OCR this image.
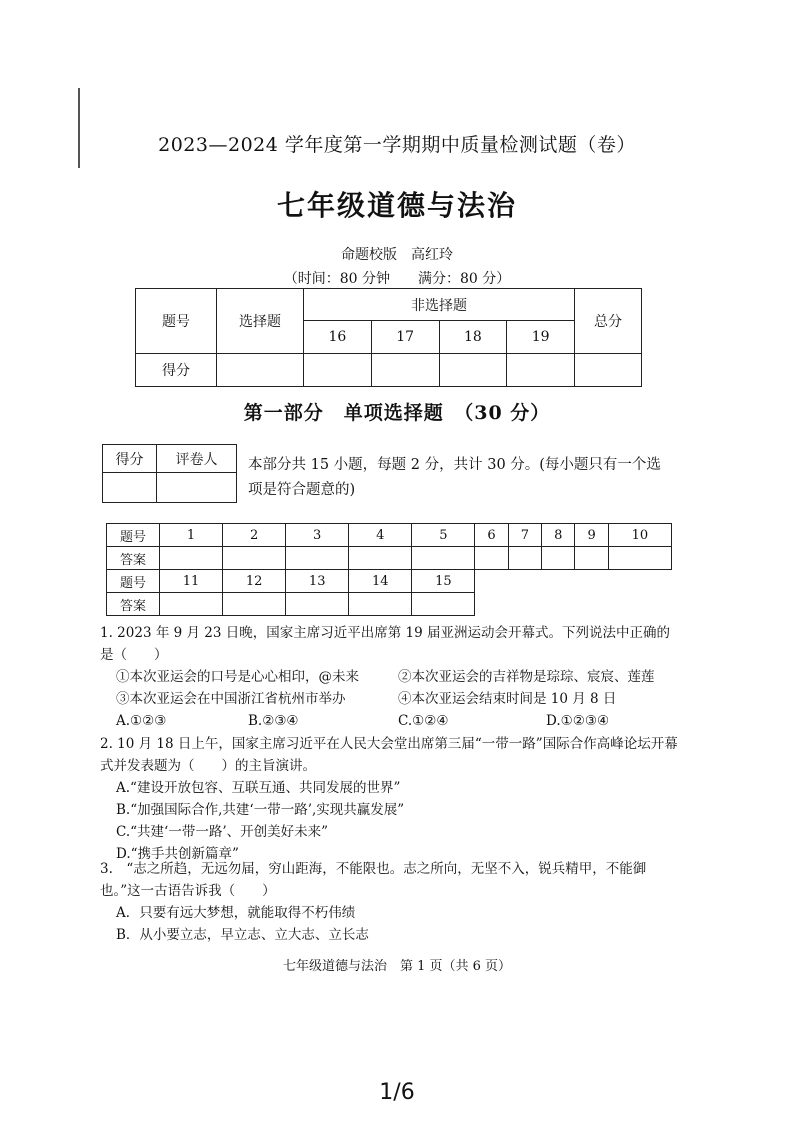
2023—2024 学年度第一学期期中质量检测试题（卷）
七年级道德与法治
命题校版　高红玲
（时间：80 分钟　　满分：80 分）
题号	选择题	非选择题				总分
		16	17	18	19	
得分						
第一部分　单项选择题　（30 分）
得分	评卷人
	本部分共 15 小题，每题 2 分，共计 30 分。(每小题只有一个选项是符合题意的)
题号	1	2	3	4	5	6	7	8	9	10
答案										
题号	11	12	13	14	15					
答案										
1. 2023 年 9 月 23 日晚，国家主席习近平出席第 19 届亚洲运动会开幕式。下列说法中正确的是（　　）
①本次亚运会的口号是心心相印，@未来	②本次亚运会的吉祥物是琮琮、宸宸、莲莲
③本次亚运会在中国浙江省杭州市举办	④本次亚运会结束时间是 10 月 8 日
A.①②③	B.②③④	C.①②④	D.①②③④
2. 10 月 18 日上午，国家主席习近平在人民大会堂出席第三届“一带一路”国际合作高峰论坛开幕式并发表题为（　　）的主旨演讲。
A.“建设开放包容、互联互通、共同发展的世界”
B.“加强国际合作,共建‘一带一路’,实现共赢发展”
C.“共建‘一带一路’、开创美好未来”
D.“携手共创新篇章”
3.　“志之所趋，无远勿届，穷山距海，不能限也。志之所向，无坚不入，锐兵精甲，不能御也。”这一古语告诉我（　　）
A．只要有远大梦想，就能取得不朽伟绩
B．从小要立志，早立志、立大志、立长志
七年级道德与法治　第 1 页（共 6 页）
1/6
